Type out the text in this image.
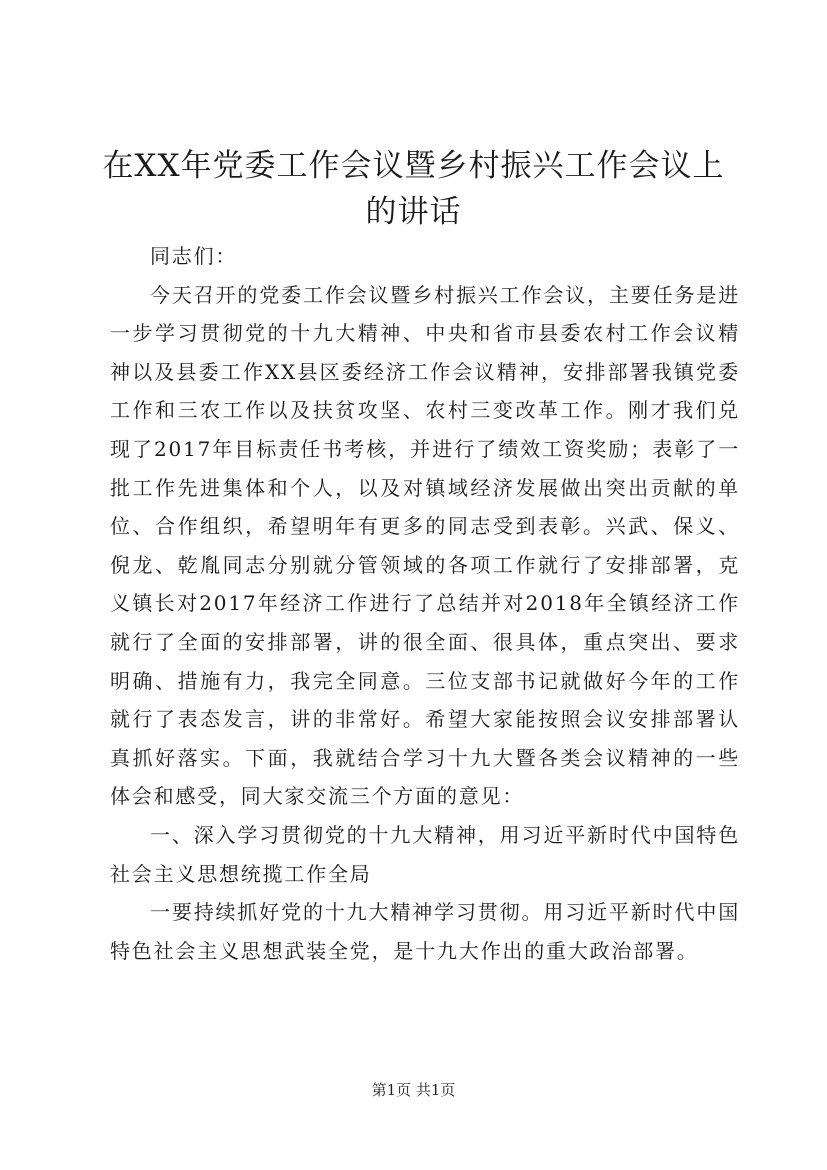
在XX年党委工作会议暨乡村振兴工作会议上
的讲话

同志们：

今天召开的党委工作会议暨乡村振兴工作会议，主要任务是进一步学习贯彻党的十九大精神、中央和省市县委农村工作会议精神以及县委工作XX县区委经济工作会议精神，安排部署我镇党委工作和三农工作以及扶贫攻坚、农村三变改革工作。刚才我们兑现了2017年目标责任书考核，并进行了绩效工资奖励；表彰了一批工作先进集体和个人，以及对镇域经济发展做出突出贡献的单位、合作组织，希望明年有更多的同志受到表彰。兴武、保义、倪龙、乾胤同志分别就分管领域的各项工作就行了安排部署，克义镇长对2017年经济工作进行了总结并对2018年全镇经济工作就行了全面的安排部署，讲的很全面、很具体，重点突出、要求明确、措施有力，我完全同意。三位支部书记就做好今年的工作就行了表态发言，讲的非常好。希望大家能按照会议安排部署认真抓好落实。下面，我就结合学习十九大暨各类会议精神的一些体会和感受，同大家交流三个方面的意见：

一、深入学习贯彻党的十九大精神，用习近平新时代中国特色社会主义思想统揽工作全局

一要持续抓好党的十九大精神学习贯彻。用习近平新时代中国特色社会主义思想武装全党，是十九大作出的重大政治部署。

第1页 共1页
